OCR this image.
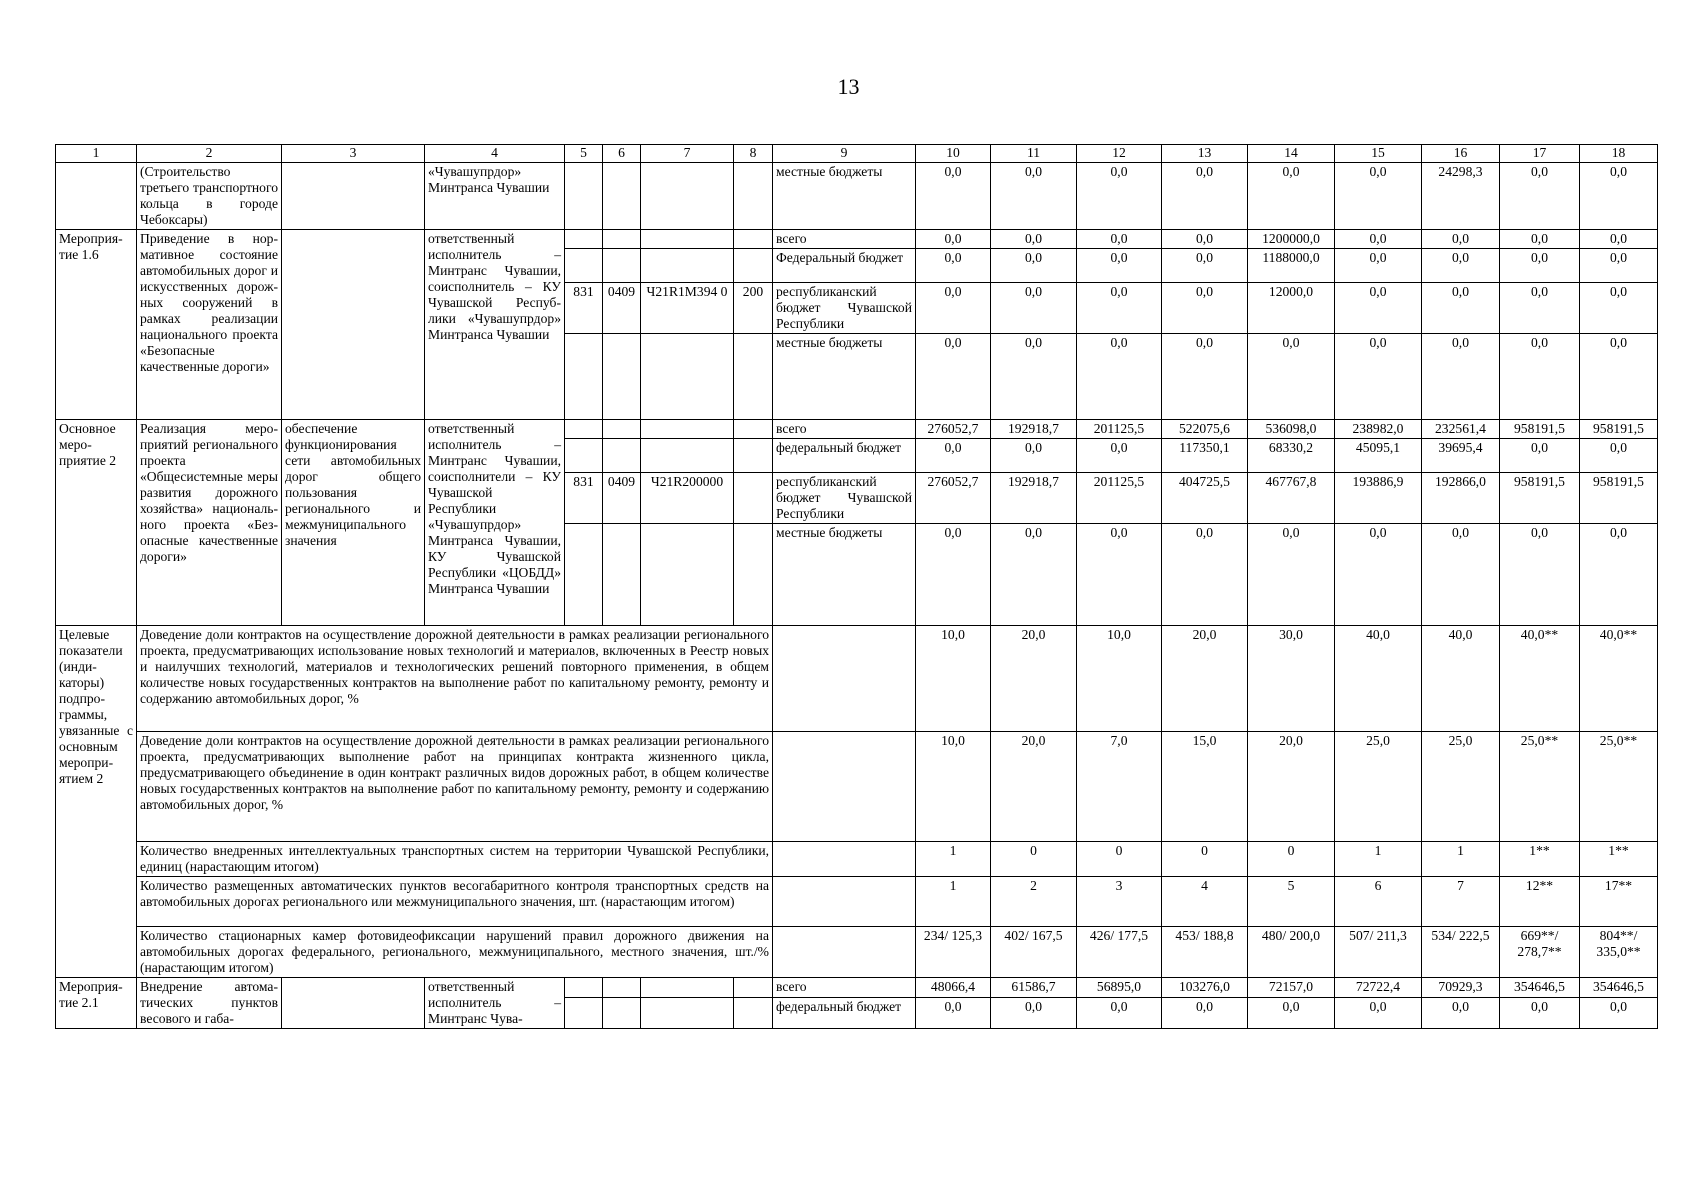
13
1	2	3	4	5	6	7	8	9	10	11	12	13	14	15	16	17	18
	(Строительство третьего транспортного кольца в городе Чебоксары)		«Чувашупрдор» Минтранса Чувашии					местные бюджеты	0,0	0,0	0,0	0,0	0,0	0,0	24298,3	0,0	0,0
Мероприятие 1.6	Приведение в нормативное состояние автомобильных дорог и искусственных дорожных сооружений в рамках реализации национального проекта «Безопасные качественные дороги»		ответственный исполнитель – Минтранс Чувашии, соисполнитель – КУ Чувашской Республики «Чувашупрдор» Минтранса Чувашии					всего	0,0	0,0	0,0	0,0	1200000,0	0,0	0,0	0,0	0,0
								Федеральный бюджет	0,0	0,0	0,0	0,0	1188000,0	0,0	0,0	0,0	0,0
				831	0409	Ч21R1М394 0	200	республиканский бюджет Чувашской Республики	0,0	0,0	0,0	0,0	12000,0	0,0	0,0	0,0	0,0
								местные бюджеты	0,0	0,0	0,0	0,0	0,0	0,0	0,0	0,0	0,0
Основное мероприятие 2	Реализация мероприятий регионального проекта «Общесистемные меры развития дорожного хозяйства» национального проекта «Безопасные качественные дороги»	обеспечение функционирования сети автомобильных дорог общего пользования регионального и межмуниципального значения	ответственный исполнитель – Минтранс Чувашии, соисполнители – КУ Чувашской Республики «Чувашупрдор» Минтранса Чувашии, КУ Чувашской Республики «ЦОБДД» Минтранса Чувашии					всего	276052,7	192918,7	201125,5	522075,6	536098,0	238982,0	232561,4	958191,5	958191,5
								федеральный бюджет	0,0	0,0	0,0	117350,1	68330,2	45095,1	39695,4	0,0	0,0
				831	0409	Ч21R200000		республиканский бюджет Чувашской Республики	276052,7	192918,7	201125,5	404725,5	467767,8	193886,9	192866,0	958191,5	958191,5
								местные бюджеты	0,0	0,0	0,0	0,0	0,0	0,0	0,0	0,0	0,0
Целевые показатели (индикаторы) подпрограммы, увязанные с основным мероприятием 2	Доведение доли контрактов на осуществление дорожной деятельности в рамках реализации регионального проекта, предусматривающих использование новых технологий и материалов, включенных в Реестр новых и наилучших технологий, материалов и технологических решений повторного применения, в общем количестве новых государственных контрактов на выполнение работ по капитальному ремонту, ремонту и содержанию автомобильных дорог, %								10,0	20,0	10,0	20,0	30,0	40,0	40,0	40,0**	40,0**
	Доведение доли контрактов на осуществление дорожной деятельности в рамках реализации регионального проекта, предусматривающих выполнение работ на принципах контракта жизненного цикла, предусматривающего объединение в один контракт различных видов дорожных работ, в общем количестве новых государственных контрактов на выполнение работ по капитальному ремонту, ремонту и содержанию автомобильных дорог, %								10,0	20,0	7,0	15,0	20,0	25,0	25,0	25,0**	25,0**
	Количество внедренных интеллектуальных транспортных систем на территории Чувашской Республики, единиц (нарастающим итогом)								1	0	0	0	0	1	1	1**	1**
	Количество размещенных автоматических пунктов весогабаритного контроля транспортных средств на автомобильных дорогах регионального или межмуниципального значения, шт. (нарастающим итогом)								1	2	3	4	5	6	7	12**	17**
	Количество стационарных камер фотовидеофиксации нарушений правил дорожного движения на автомобильных дорогах федерального, регионального, межмуниципального, местного значения, шт./% (нарастающим итогом)								234/ 125,3	402/ 167,5	426/ 177,5	453/ 188,8	480/ 200,0	507/ 211,3	534/ 222,5	669**/ 278,7**	804**/ 335,0**
Мероприятие 2.1	Внедрение автоматических пунктов весового и габа-		ответственный исполнитель – Минтранс Чува-					всего	48066,4	61586,7	56895,0	103276,0	72157,0	72722,4	70929,3	354646,5	354646,5
								федеральный бюджет	0,0	0,0	0,0	0,0	0,0	0,0	0,0	0,0	0,0
